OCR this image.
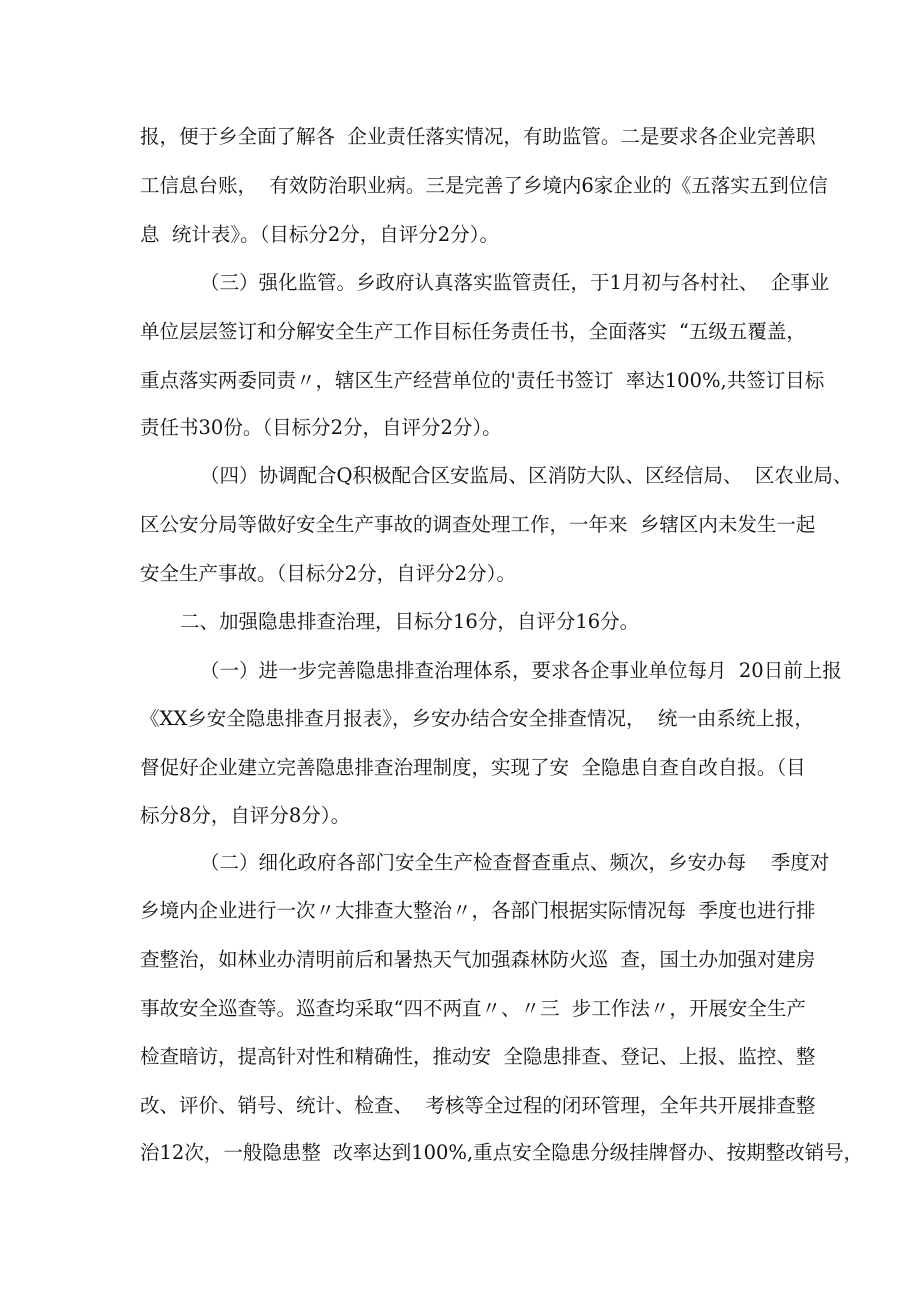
报，便于乡全面了解各  企业责任落实情况，有助监管。二是要求各企业完善职
工信息台账，  有效防治职业病。三是完善了乡境内6家企业的《五落实五到位信
息  统计表》。（目标分2分，自评分2分）。
（三）强化监管。乡政府认真落实监管责任，于1月初与各村社、  企事业
单位层层签订和分解安全生产工作目标任务责任书，全面落实  “五级五覆盖，
重点落实两委同责〃，辖区生产经营单位的'责任书签订  率达100%,共签订目标
责任书30份。（目标分2分，自评分2分）。
（四）协调配合Q积极配合区安监局、区消防大队、区经信局、  区农业局、
区公安分局等做好安全生产事故的调查处理工作，一年来  乡辖区内未发生一起
安全生产事故。（目标分2分，自评分2分）。
二、加强隐患排查治理，目标分16分，自评分16分。
（一）进一步完善隐患排查治理体系，要求各企事业单位每月  20日前上报
《XX乡安全隐患排查月报表》，乡安办结合安全排查情况，  统一由系统上报，
督促好企业建立完善隐患排查治理制度，实现了安  全隐患自查自改自报。（目
标分8分，自评分8分）。
（二）细化政府各部门安全生产检查督查重点、频次，乡安办每    季度对
乡境内企业进行一次〃大排查大整治〃，各部门根据实际情况每  季度也进行排
查整治，如林业办清明前后和暑热天气加强森林防火巡  查，国土办加强对建房
事故安全巡查等。巡查均采取“四不两直〃、〃三  步工作法〃，开展安全生产
检查暗访，提高针对性和精确性，推动安  全隐患排查、登记、上报、监控、整
改、评价、销号、统计、检查、  考核等全过程的闭环管理，全年共开展排查整
治12次，一般隐患整  改率达到100%,重点安全隐患分级挂牌督办、按期整改销号，
